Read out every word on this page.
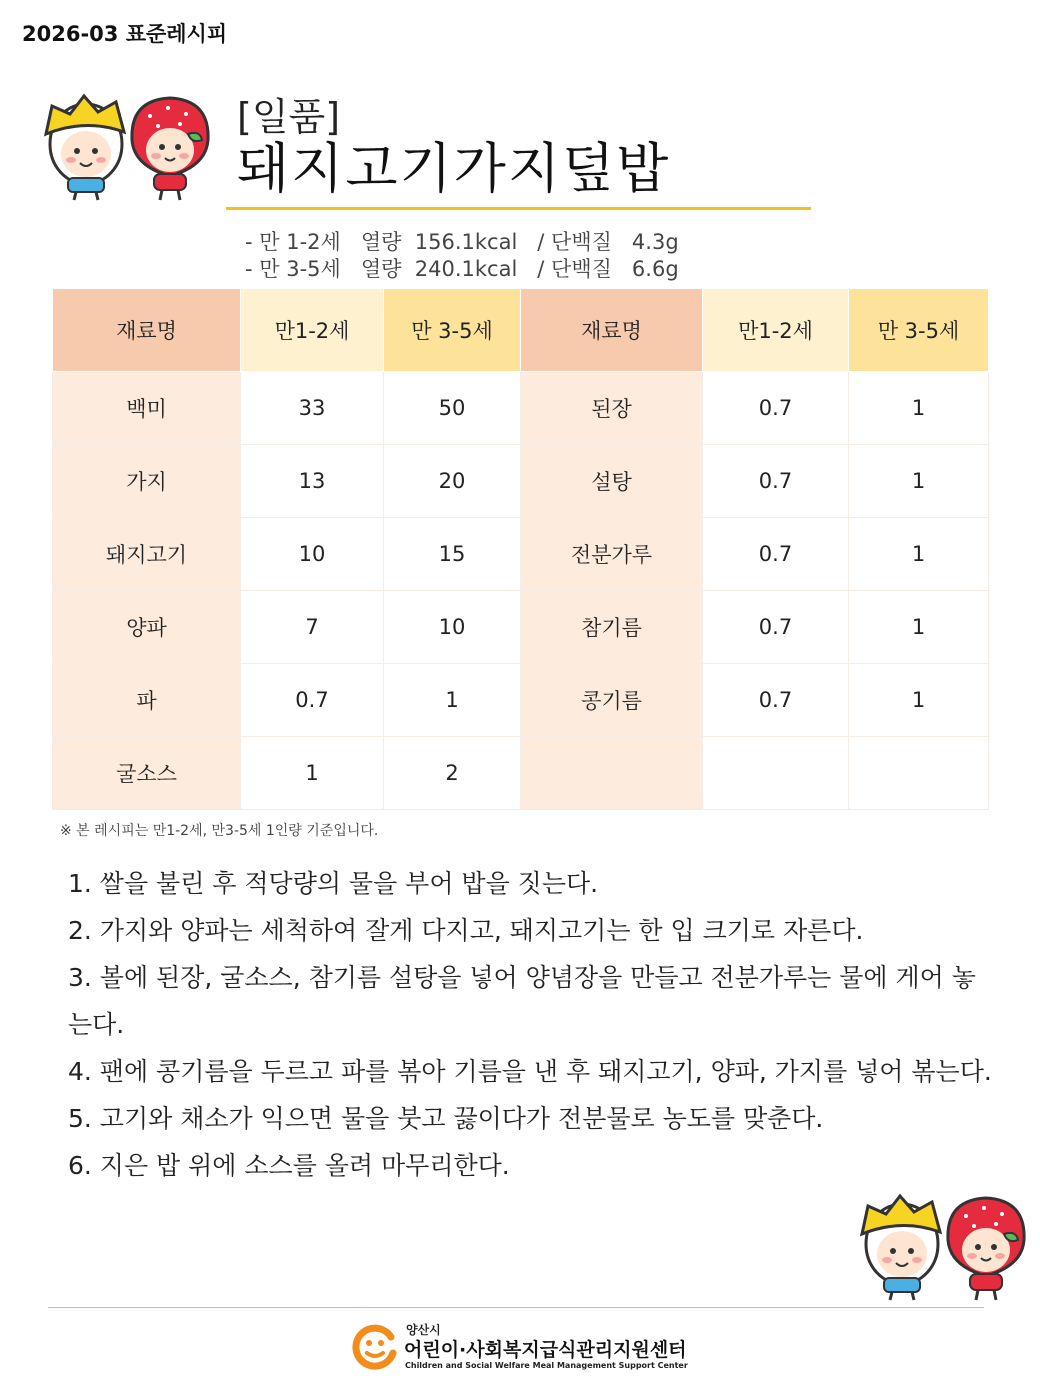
2026-03 표준레시피
[일품]
돼지고기가지덮밥
- 만 1-2세   열량  156.1kcal   / 단백질   4.3g
- 만 3-5세   열량  240.1kcal   / 단백질   6.6g
재료명	만1-2세	만 3-5세	재료명	만1-2세	만 3-5세
백미	33	50	된장	0.7	1
가지	13	20	설탕	0.7	1
돼지고기	10	15	전분가루	0.7	1
양파	7	10	참기름	0.7	1
파	0.7	1	콩기름	0.7	1
굴소스	1	2			
※ 본 레시피는 만1-2세, 만3-5세 1인량 기준입니다.

1. 쌀을 불린 후 적당량의 물을 부어 밥을 짓는다.

2. 가지와 양파는 세척하여 잘게 다지고, 돼지고기는 한 입 크기로 자른다.

3. 볼에 된장, 굴소스, 참기름 설탕을 넣어 양념장을 만들고 전분가루는 물에 게어 놓는다.

4. 팬에 콩기름을 두르고 파를 볶아 기름을 낸 후 돼지고기, 양파, 가지를 넣어 볶는다.

5. 고기와 채소가 익으면 물을 붓고 끓이다가 전분물로 농도를 맞춘다.

6. 지은 밥 위에 소스를 올려 마무리한다.

양산시
어린이·사회복지급식관리지원센터
Children and Social Welfare Meal Management Support Center
